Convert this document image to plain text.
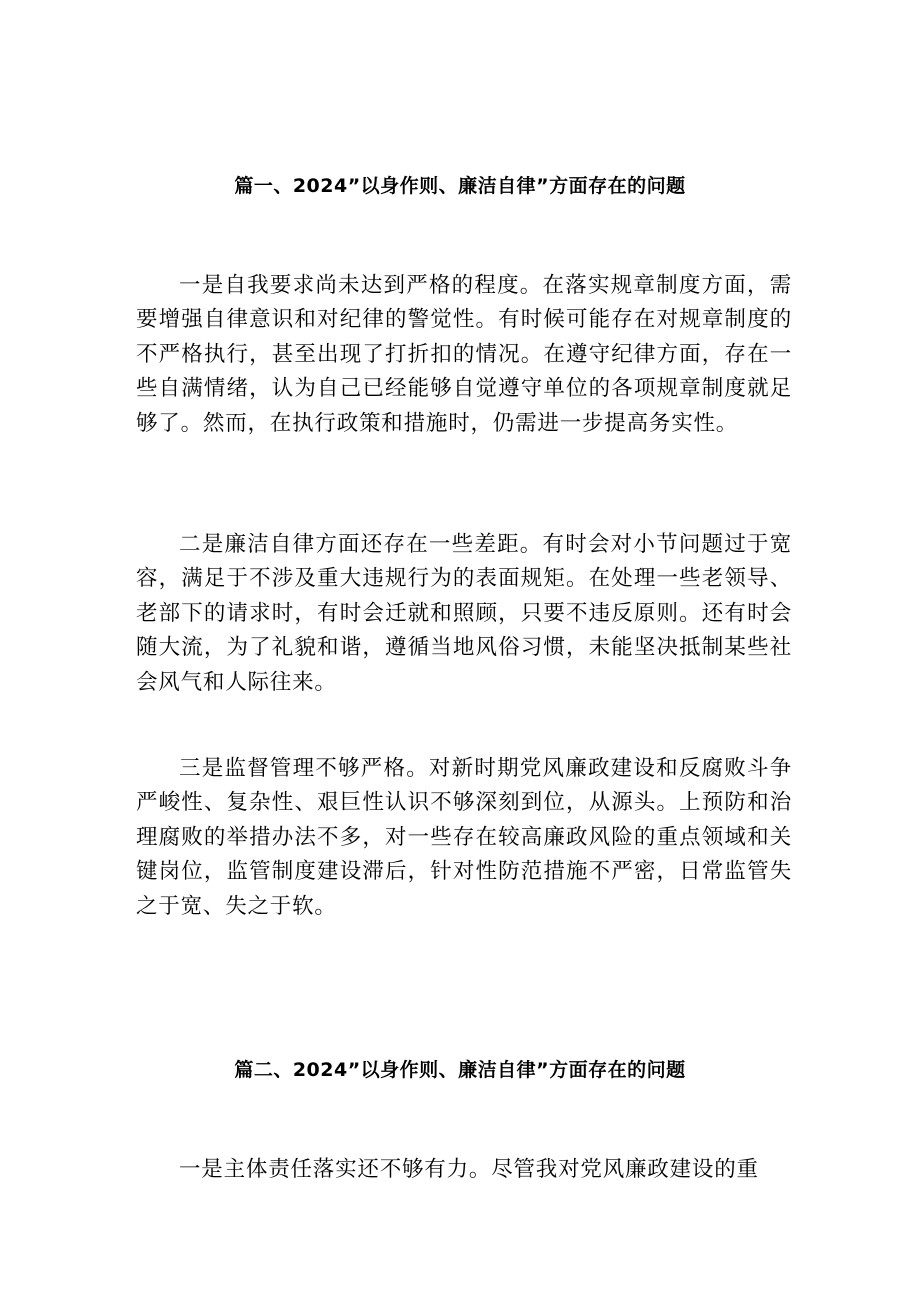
篇一、2024”以身作则、廉洁自律”方面存在的问题

一是自我要求尚未达到严格的程度。在落实规章制度方面，需要增强自律意识和对纪律的警觉性。有时候可能存在对规章制度的不严格执行，甚至出现了打折扣的情况。在遵守纪律方面，存在一些自满情绪，认为自己已经能够自觉遵守单位的各项规章制度就足够了。然而，在执行政策和措施时，仍需进一步提高务实性。

二是廉洁自律方面还存在一些差距。有时会对小节问题过于宽容，满足于不涉及重大违规行为的表面规矩。在处理一些老领导、老部下的请求时，有时会迁就和照顾，只要不违反原则。还有时会随大流，为了礼貌和谐，遵循当地风俗习惯，未能坚决抵制某些社会风气和人际往来。

三是监督管理不够严格。对新时期党风廉政建设和反腐败斗争严峻性、复杂性、艰巨性认识不够深刻到位，从源头。上预防和治理腐败的举措办法不多，对一些存在较高廉政风险的重点领域和关键岗位，监管制度建设滞后，针对性防范措施不严密，日常监管失之于宽、失之于软。

篇二、2024”以身作则、廉洁自律”方面存在的问题

一是主体责任落实还不够有力。尽管我对党风廉政建设的重
